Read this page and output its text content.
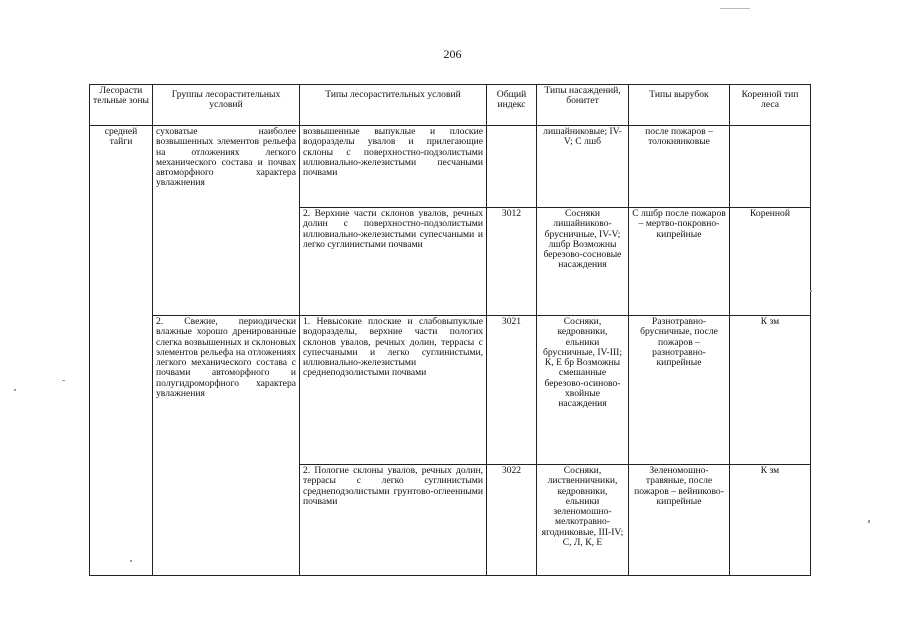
206
Лесорасти тельные зоны	Группы лесорастительных условий	Типы лесорастительных условий	Общий индекс	Типы насаждений, бонитет	Типы вырубок	Коренной тип леса
средней тайги	суховатые наиболее возвышенных элементов рельефа на отложениях легкого механического состава и почвах автоморфного характера увлажнения	возвышенные выпуклые и плоские водоразделы увалов и прилегающие склоны с поверхностно-подзолистыми иллювиально-железистыми песчаными почвами		лишайниковые; IV-V; С лшб	после пожаров – толокнянковые	
		2. Верхние части склонов увалов, речных долин с поверхностно-подзолистыми иллювиально-железистыми супесчаными и легко суглинистыми почвами	3012	Сосняки лишайниково-брусничные, IV-V; лшбр Возможны березово-сосновые насаждения	С лшбр после пожаров – мертво-покровно-кипрейные	Коренной
	2. Свежие, периодически влажные хорошо дренированные слегка возвышенных и склоновых элементов рельефа на отложениях легкого механического состава с почвами автоморфного и полугидроморфного характера увлажнения	1. Невысокие плоские и слабовыпуклые водоразделы, верхние части пологих склонов увалов, речных долин, террасы с супесчаными и легко суглинистыми, иллювиально-железистыми среднеподзолистыми почвами	3021	Сосняки, кедровники, ельники брусничные, IV-III; К, Е бр Возможны смешанные березово-осиново-хвойные насаждения	Разнотравно-брусничные, после пожаров – разнотравно-кипрейные	К зм
		2. Пологие склоны увалов, речных долин, террасы с легко суглинистыми среднеподзолистыми грунтово-оглеенными почвами	3022	Сосняки, лиственничники, кедровники, ельники зеленомошно-мелкотравно-ягодниковые, III-IV; С, Л, К, Е	Зеленомошно-травяные, после пожаров – вейниково-кипрейные	К зм
